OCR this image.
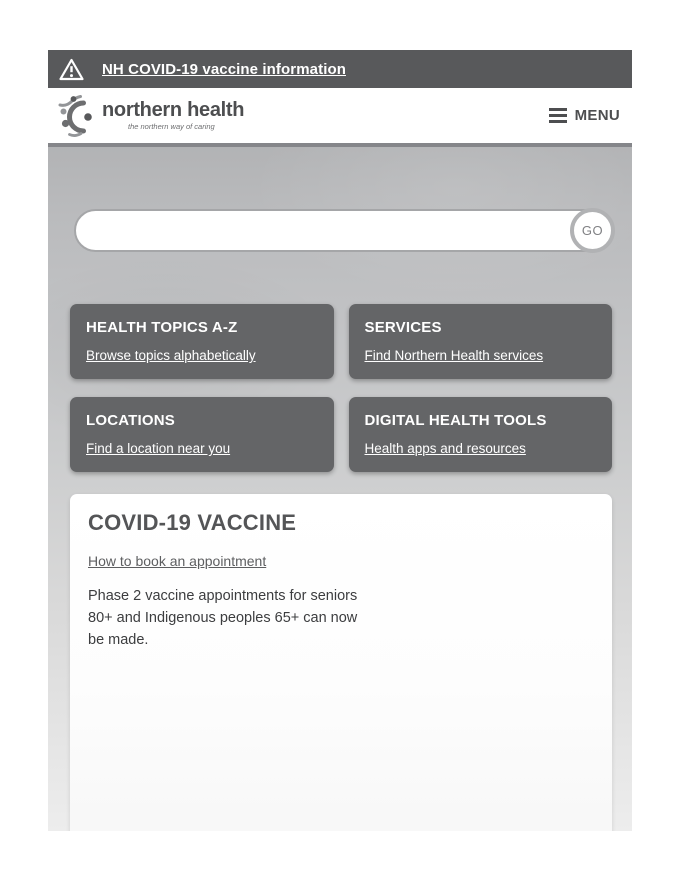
NH COVID-19 vaccine information
northern health
the northern way of caring
MENU
GO
HEALTH TOPICS A-Z
Browse topics alphabetically
SERVICES
Find Northern Health services
LOCATIONS
Find a location near you
DIGITAL HEALTH TOOLS
Health apps and resources
COVID-19 VACCINE
How to book an appointment

Phase 2 vaccine appointments for seniors 80+ and Indigenous peoples 65+ can now be made.
